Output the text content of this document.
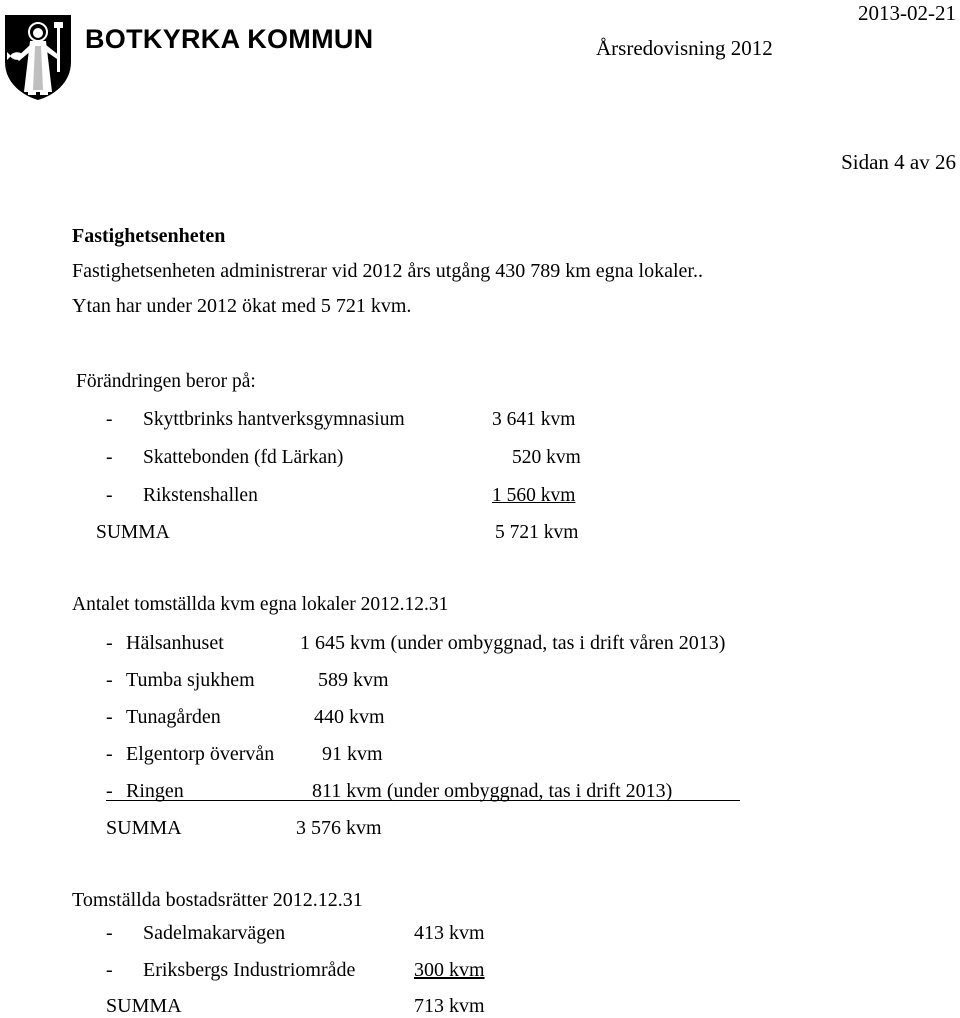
BOTKYRKA KOMMUN
2013-02-21
Årsredovisning 2012
Sidan 4 av 26
Fastighetsenheten
Fastighetsenheten administrerar vid 2012 års utgång 430 789 km egna lokaler..
Ytan har under 2012 ökat med 5 721 kvm.
Förändringen beror på:
- Skyttbrinks hantverksgymnasium	3 641 kvm
- Skattebonden (fd Lärkan)	520 kvm
- Rikstenshallen	1 560 kvm
SUMMA	5 721 kvm
Antalet tomställda kvm egna lokaler 2012.12.31
- Hälsanhuset	1 645 kvm (under ombyggnad, tas i drift våren 2013)
- Tumba sjukhem	589 kvm
- Tunagården	440 kvm
- Elgentorp övervån 91 kvm
- Ringen	811 kvm (under ombyggnad, tas i drift 2013)
SUMMA	3 576 kvm
Tomställda bostadsrätter 2012.12.31
- Sadelmakarvägen	413 kvm
- Eriksbergs Industriområde	300 kvm
SUMMA	713 kvm
